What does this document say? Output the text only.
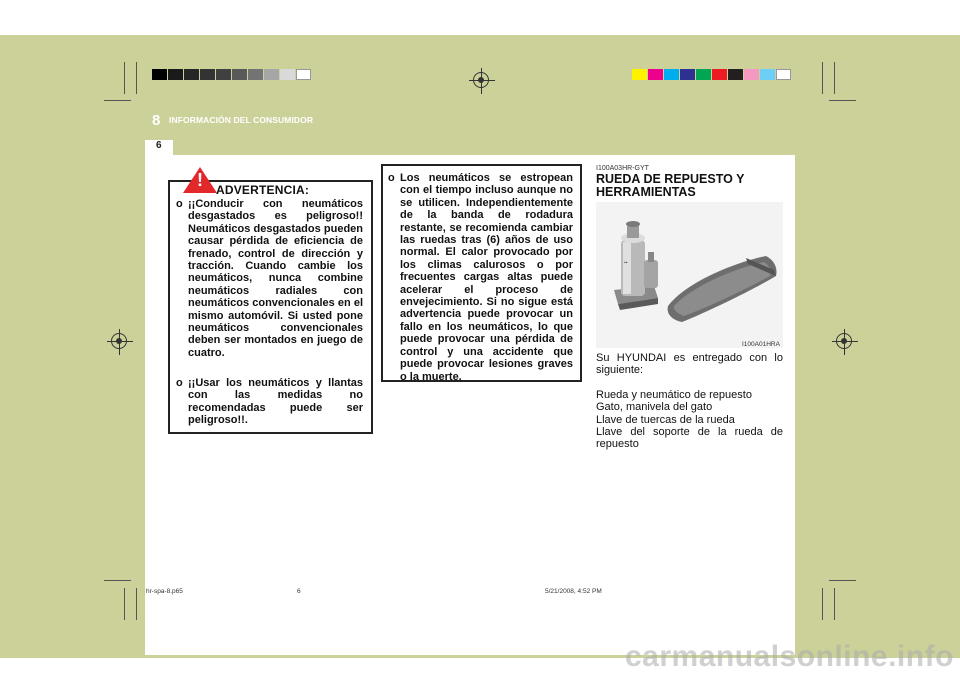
8 INFORMACIÓN DEL CONSUMIDOR
6
! ADVERTENCIA:
o ¡¡Conducir con neumáticos desgastados es peligroso!! Neumáticos desgastados pueden causar pérdida de eficiencia de frenado, control de dirección y tracción. Cuando cambie los neumáticos, nunca combine neumáticos radiales con neumáticos convencionales en el mismo automóvil. Si usted pone neumáticos convencionales deben ser montados en juego de cuatro.
o ¡¡Usar los neumáticos y llantas con las medidas no recomendadas puede ser peligroso!!.
o Los neumáticos se estropean con el tiempo incluso aunque no se utilicen. Independientemente de la banda de rodadura restante, se recomienda cambiar las ruedas tras (6) años de uso normal. El calor provocado por los climas calurosos o por frecuentes cargas altas puede acelerar el proceso de envejecimiento. Si no sigue está advertencia puede provocar un fallo en los neumáticos, lo que puede provocar una pérdida de control y una accidente que puede provocar lesiones graves o la muerte.
I100A03HR-GYT
RUEDA DE REPUESTO Y
HERRAMIENTAS
▪▪
I100A01HRA
Su HYUNDAI es entregado con lo siguiente:
Rueda y neumático de repuesto
Gato, manivela del gato
Llave de tuercas de la rueda
Llave del soporte de la rueda de repuesto
hr-spa-8.p65	6	5/21/2008, 4:52 PM
carmanualsonline.info
